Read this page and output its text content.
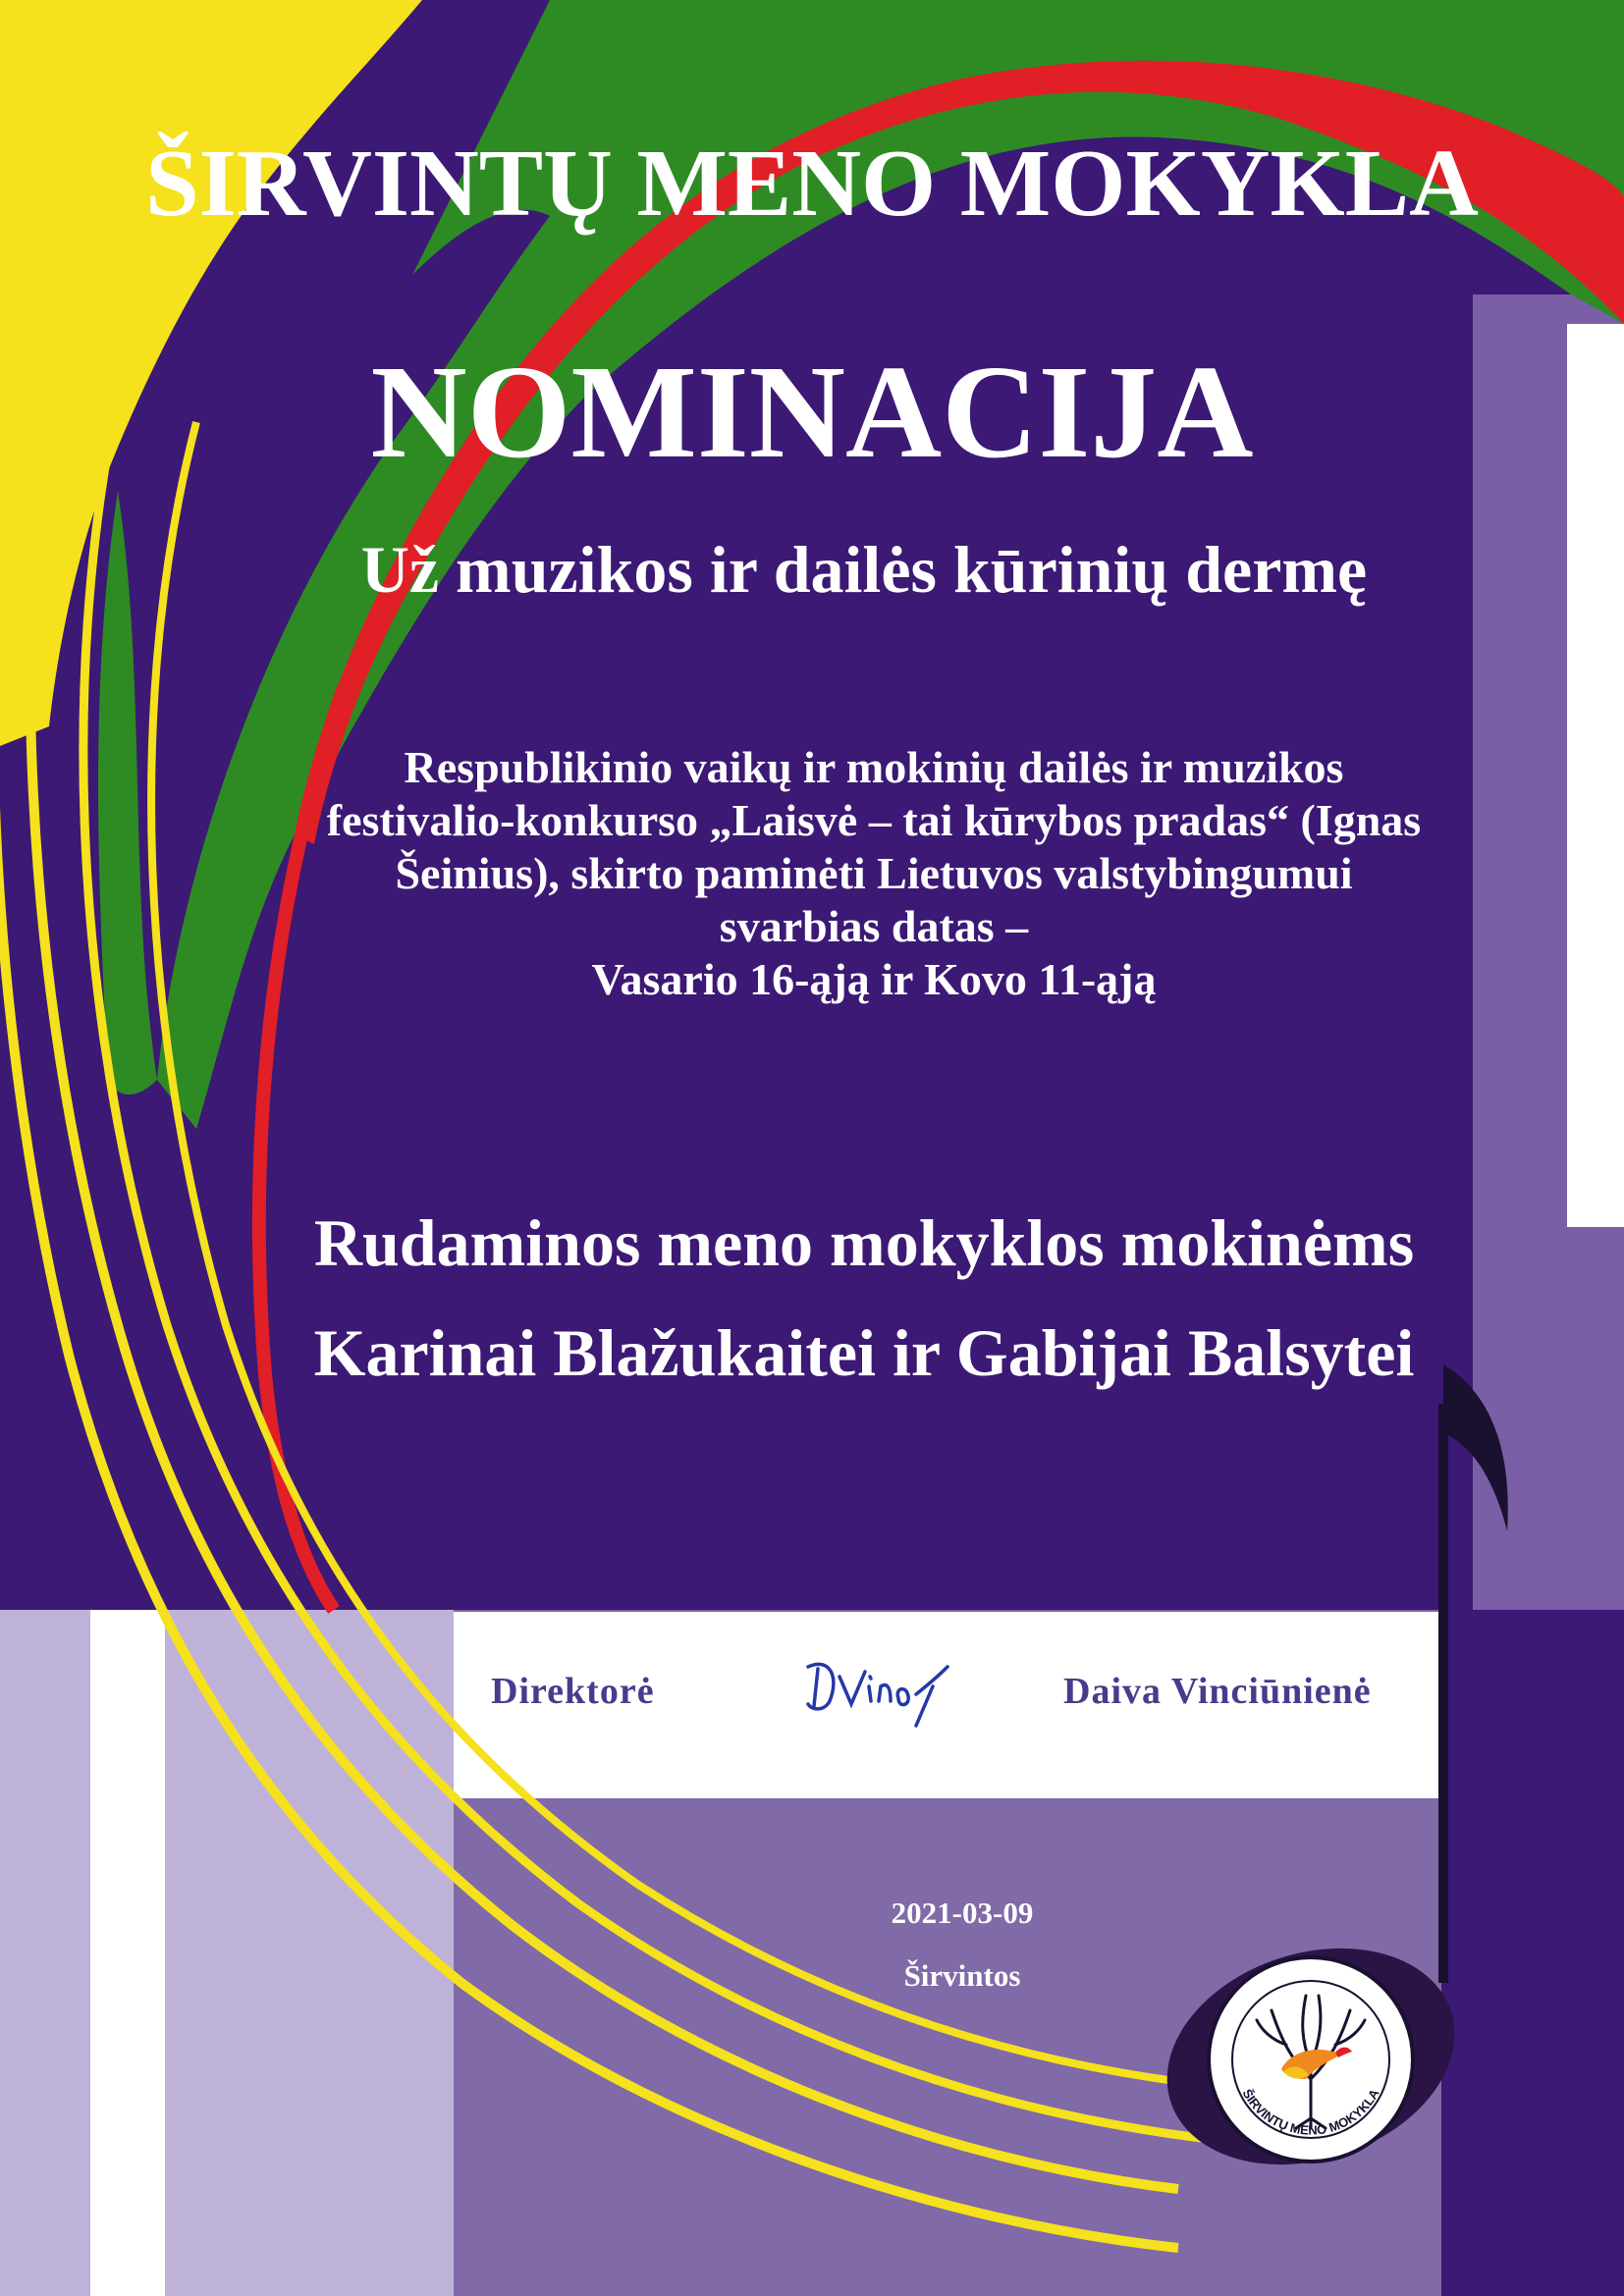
ŠIRVINTŲ MENO MOKYKLA
NOMINACIJA
Už muzikos ir dailės kūrinių dermę

Respublikinio vaikų ir mokinių dailės ir muzikos
festivalio-konkurso „Laisvė – tai kūrybos pradas“ (Ignas
Šeinius), skirto paminėti Lietuvos valstybingumui
svarbias datas –
Vasario 16-ąją ir Kovo 11-ąją

Rudaminos meno mokyklos mokinėms
Karinai Blažukaitei ir Gabijai Balsytei

Direktorė	Daiva Vinciūnienė

2021-03-09

Širvintos

ŠIRVINTŲ MENO MOKYKLA
